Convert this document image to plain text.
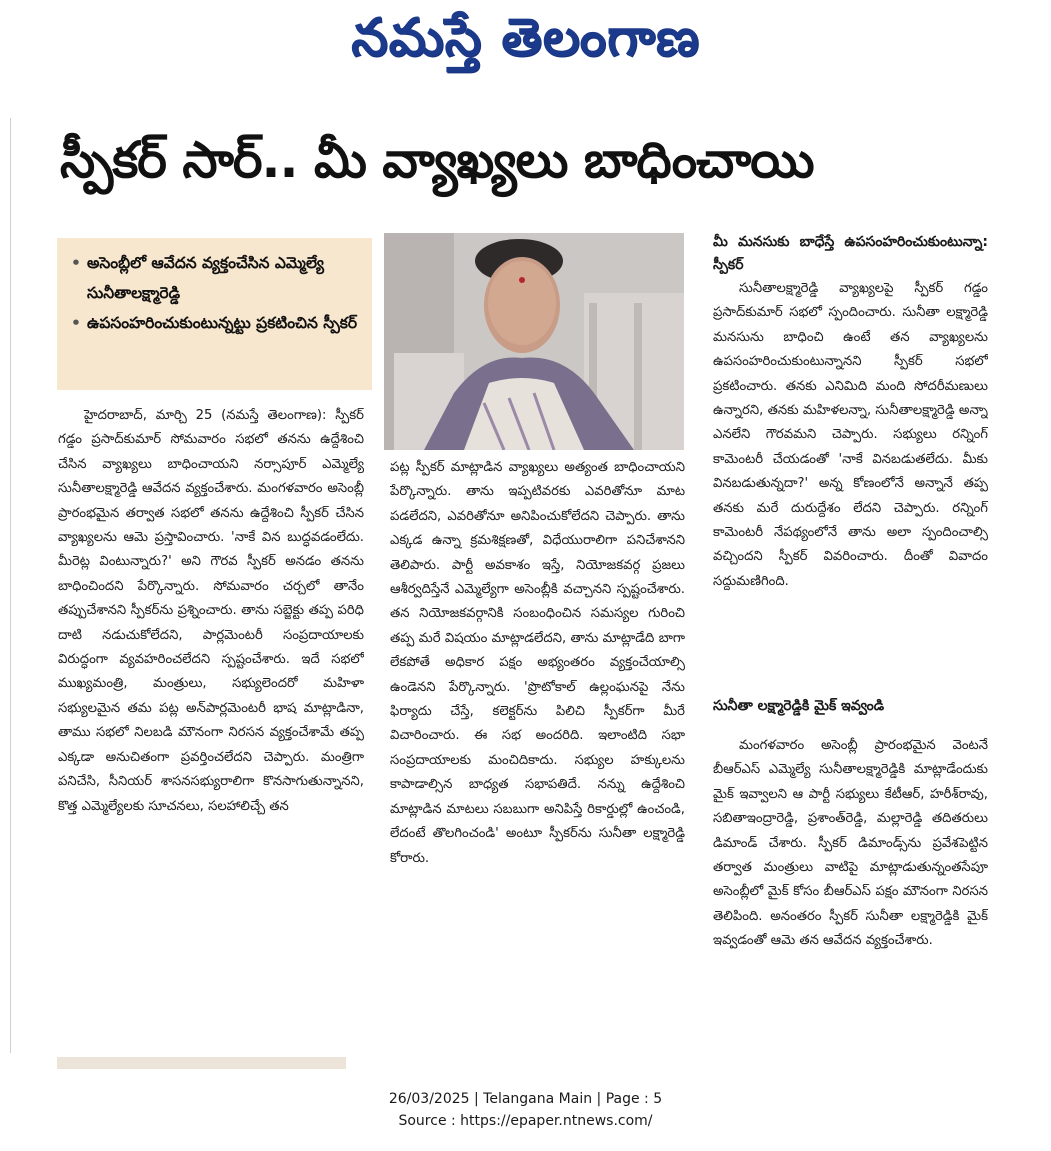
నమస్తే తెలంగాణ
స్పీకర్ సార్.. మీ వ్యాఖ్యలు బాధించాయి
• అసెంబ్లీలో ఆవేదన వ్యక్తంచేసిన ఎమ్మెల్యే సునీతాలక్ష్మారెడ్డి
• ఉపసంహరించుకుంటున్నట్టు ప్రకటించిన స్పీకర్

హైదరాబాద్, మార్చి 25 (నమస్తే తెలంగాణ): స్పీకర్ గడ్డం ప్రసాద్‌కుమార్ సోమవారం సభలో తనను ఉద్దేశించి చేసిన వ్యాఖ్యలు బాధించాయని నర్సాపూర్ ఎమ్మెల్యే సునీతాలక్ష్మారెడ్డి ఆవేదన వ్యక్తంచేశారు. మంగళవారం అసెంబ్లీ ప్రారంభమైన తర్వాత సభలో తనను ఉద్దేశించి స్పీకర్ చేసిన వ్యాఖ్యలను ఆమె ప్రస్తావించారు. 'నాకే విన బుద్ధవడంలేదు. మీరెట్ల వింటున్నారు?' అని గౌరవ స్పీకర్ అనడం తనను బాధించిందని పేర్కొన్నారు. సోమవారం చర్చలో తానేం తప్పుచేశానని స్పీకర్‌ను ప్రశ్నించారు. తాను సబ్జెక్టు తప్ప పరిధి దాటి నడుచుకోలేదని, పార్లమెంటరీ సంప్రదాయాలకు విరుద్ధంగా వ్యవహరించలేదని స్పష్టంచేశారు. ఇదే సభలో ముఖ్యమంత్రి, మంత్రులు, సభ్యులెందరో మహిళా సభ్యులమైన తమ పట్ల అన్‌పార్లమెంటరీ భాష మాట్లాడినా, తాము సభలో నిలబడి మౌనంగా నిరసన వ్యక్తంచేశామే తప్ప ఎక్కడా అనుచితంగా ప్రవర్తించలేదని చెప్పారు. మంత్రిగా పనిచేసి, సీనియర్ శాసనసభ్యురాలిగా కొనసాగుతున్నానని, కొత్త ఎమ్మెల్యేలకు సూచనలు, సలహాలిచ్చే తన

పట్ల స్పీకర్ మాట్లాడిన వ్యాఖ్యలు అత్యంత బాధించాయని పేర్కొన్నారు. తాను ఇప్పటివరకు ఎవరితోనూ మాట పడలేదని, ఎవరితోనూ అనిపించుకోలేదని చెప్పారు. తాను ఎక్కడ ఉన్నా క్రమశిక్షణతో, విధేయురాలిగా పనిచేశానని తెలిపారు. పార్టీ అవకాశం ఇస్తే, నియోజకవర్గ ప్రజలు ఆశీర్వదిస్తేనే ఎమ్మెల్యేగా అసెంబ్లీకి వచ్చానని స్పష్టంచేశారు. తన నియోజకవర్గానికి సంబంధించిన సమస్యల గురించి తప్ప మరే విషయం మాట్లాడలేదని, తాను మాట్లాడేది బాగా లేకపోతే అధికార పక్షం అభ్యంతరం వ్యక్తంచేయాల్సి ఉండెనని పేర్కొన్నారు. 'ప్రొటోకాల్ ఉల్లంఘనపై నేను ఫిర్యాదు చేస్తే, కలెక్టర్‌ను పిలిచి స్పీకర్‌గా మీరే విచారించారు. ఈ సభ అందరిది. ఇలాంటిది సభా సంప్రదాయాలకు మంచిదికాదు. సభ్యుల హక్కులను కాపాడాల్సిన బాధ్యత సభాపతిదే. నన్ను ఉద్దేశించి మాట్లాడిన మాటలు సబబుగా అనిపిస్తే రికార్డుల్లో ఉంచండి, లేదంటే తొలగించండి' అంటూ స్పీకర్‌ను సునీతా లక్ష్మారెడ్డి కోరారు.

మీ మనసుకు బాధేస్తే ఉపసంహరించుకుంటున్నా: స్పీకర్

సునీతాలక్ష్మారెడ్డి వ్యాఖ్యలపై స్పీకర్ గడ్డం ప్రసాద్‌కుమార్ సభలో స్పందించారు. సునీతా లక్ష్మారెడ్డి మనసును బాధించి ఉంటే తన వ్యాఖ్యలను ఉపసంహరించుకుంటున్నానని స్పీకర్ సభలో ప్రకటించారు. తనకు ఎనిమిది మంది సోదరీమణులు ఉన్నారని, తనకు మహిళలన్నా, సునీతాలక్ష్మారెడ్డి అన్నా ఎనలేని గౌరవమని చెప్పారు. సభ్యులు రన్నింగ్ కామెంటరీ చేయడంతో 'నాకే వినబడుతలేదు. మీకు వినబడుతున్నదా?' అన్న కోణంలోనే అన్నానే తప్ప తనకు మరే దురుద్దేశం లేదని చెప్పారు. రన్నింగ్ కామెంటరీ నేపథ్యంలోనే తాను అలా స్పందించాల్సి వచ్చిందని స్పీకర్ వివరించారు. దీంతో వివాదం సద్దుమణిగింది.

సునీతా లక్ష్మారెడ్డికి మైక్ ఇవ్వండి

మంగళవారం అసెంబ్లీ ప్రారంభమైన వెంటనే బీఆర్‌ఎస్ ఎమ్మెల్యే సునీతాలక్ష్మారెడ్డికి మాట్లాడేందుకు మైక్ ఇవ్వాలని ఆ పార్టీ సభ్యులు కేటీఆర్, హరీశ్‌రావు, సబితాఇంద్రారెడ్డి, ప్రశాంత్‌రెడ్డి, మల్లారెడ్డి తదితరులు డిమాండ్ చేశారు. స్పీకర్ డిమాండ్స్‌ను ప్రవేశపెట్టిన తర్వాత మంత్రులు వాటిపై మాట్లాడుతున్నంతసేపూ అసెంబ్లీలో మైక్ కోసం బీఆర్‌ఎస్ పక్షం మౌనంగా నిరసన తెలిపింది. అనంతరం స్పీకర్ సునీతా లక్ష్మారెడ్డికి మైక్ ఇవ్వడంతో ఆమె తన ఆవేదన వ్యక్తంచేశారు.

26/03/2025 | Telangana Main | Page : 5
Source : https://epaper.ntnews.com/
